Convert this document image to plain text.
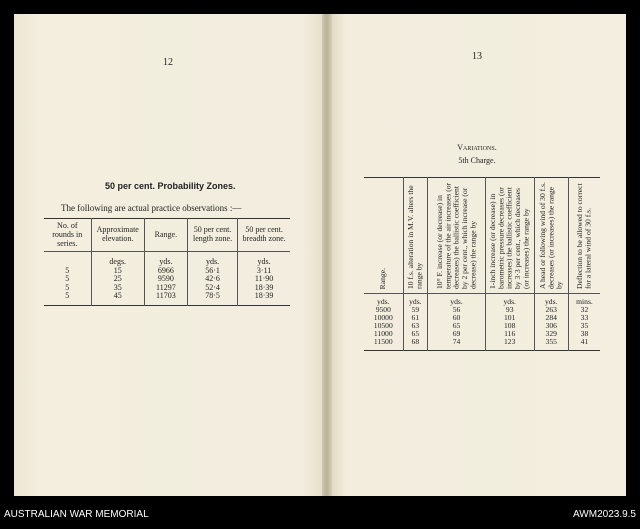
12
50 per cent. Probability Zones.
The following are actual practice observations :—
No. of rounds in series.	Approximate elevation.	Range.	50 per cent. length zone.	50 per cent. breadth zone.
	degs.	yds.	yds.	yds.
5	15	6966	56·1	3·11
5	25	9590	42·6	11·90
5	35	11297	52·4	18·39
5	45	11703	78·5	18·39
13
Variations.
5th Charge.
Range.	10 f.s. alteration in M.V. alters the range by	10° F. increase (or decrease) in temperature of the air increases (or decreases) the ballistic coefficient by 2 per cent., which increase (or decrease) the range by	1-inch increase (or decrease) in barometric pressure decreases (or increases) the ballistic coefficient by 3·3 per cent., which decreases (or increases) the range by	A head or following wind of 30 f.s. decreases (or increases) the range by	Deflection to be allowed to correct for a lateral wind of 30 f.s.
yds.	yds.	yds.	yds.	yds.	mins.
9500	59	56	93	263	32
10000	61	60	101	284	33
10500	63	65	108	306	35
11000	65	69	116	329	38
11500	68	74	123	355	41
AUSTRALIAN WAR MEMORIAL	AWM2023.9.5
